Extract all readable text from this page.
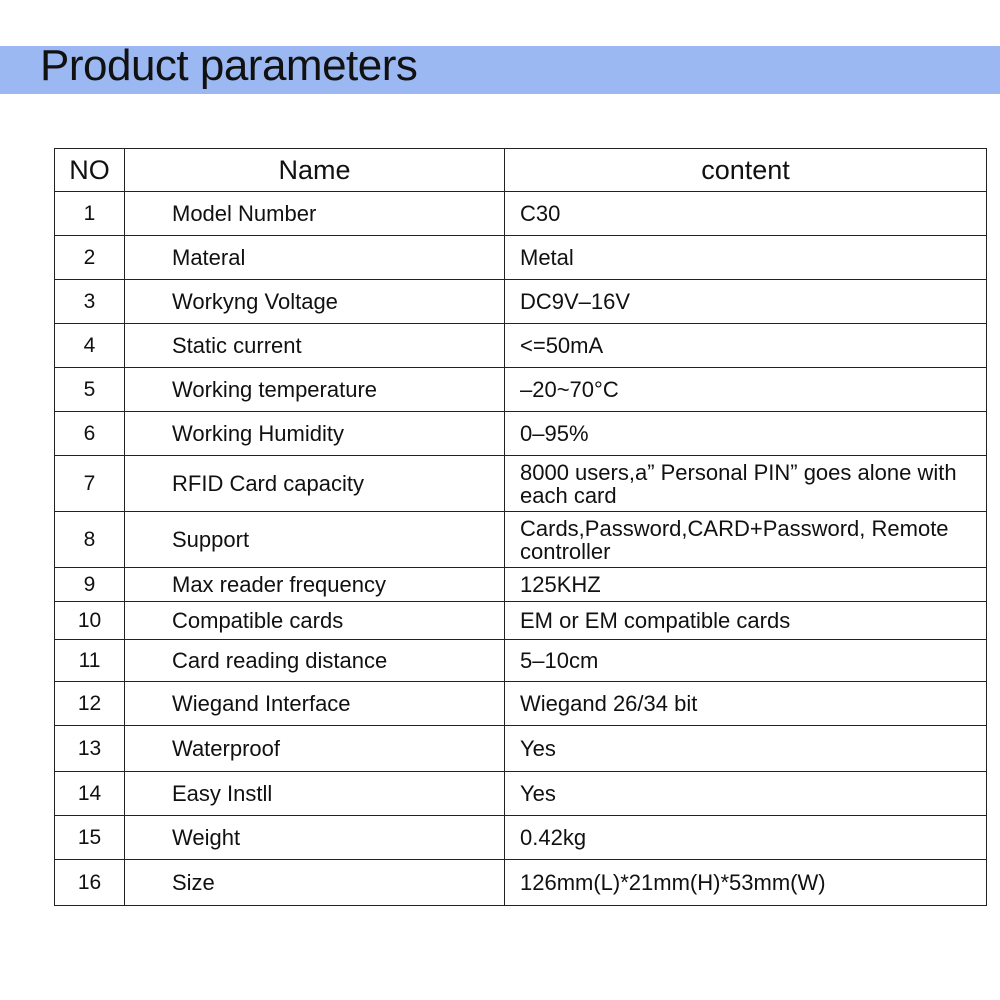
Product parameters
NO	Name	content
1	Model Number	C30
2	Materal	Metal
3	Workyng Voltage	DC9V‒16V
4	Static current	<=50mA
5	Working temperature	‒20~70°C
6	Working Humidity	0‒95%
7	RFID Card capacity	8000 users,a” Personal PIN” goes alone with each card
8	Support	Cards,Password,CARD+Password, Remote controller
9	Max reader frequency	125KHZ
10	Compatible cards	EM or EM compatible cards
11	Card reading distance	5‒10cm
12	Wiegand Interface	Wiegand 26/34 bit
13	Waterproof	Yes
14	Easy Instll	Yes
15	Weight	0.42kg
16	Size	126mm(L)*21mm(H)*53mm(W)
